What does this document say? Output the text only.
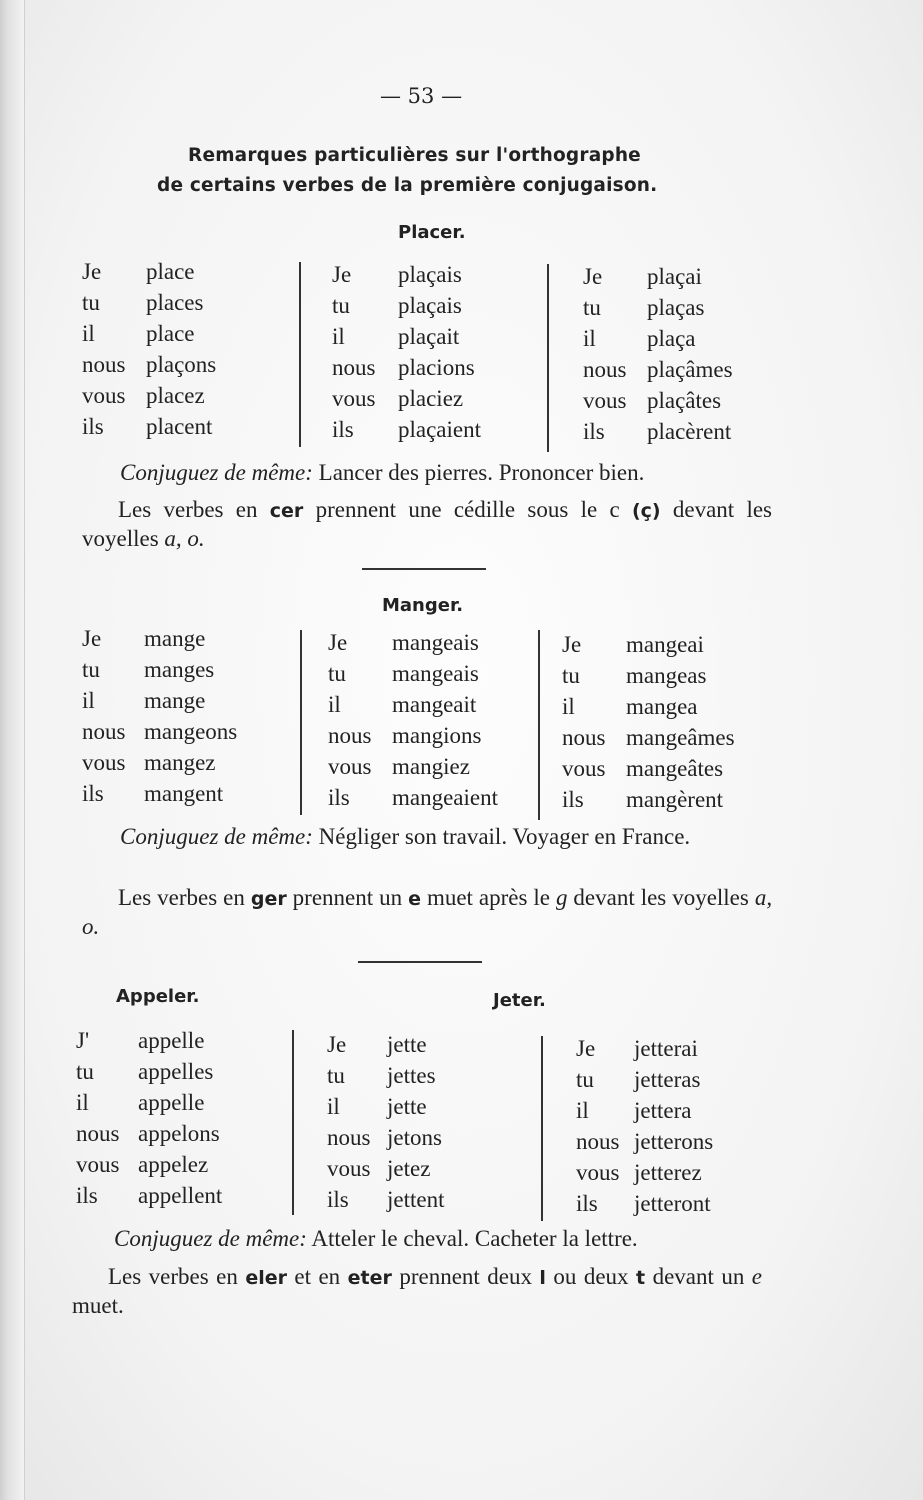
— 53 —
Remarques particulières sur l'orthographe
de certains verbes de la première conjugaison.
Placer.
Je place
tu places
il place
nous plaçons
vous placez
ils placent
Je plaçais
tu plaçais
il plaçait
nous placions
vous placiez
ils plaçaient
Je plaçai
tu plaças
il plaça
nous plaçâmes
vous plaçâtes
ils placèrent
Conjuguez de même: Lancer des pierres. Prononcer bien.
Les verbes en cer prennent une cédille sous le c (ç) devant les voyelles a, o.
Manger.
Je mange
tu manges
il mange
nous mangeons
vous mangez
ils mangent
Je mangeais
tu mangeais
il mangeait
nous mangions
vous mangiez
ils mangeaient
Je mangeai
tu mangeas
il mangea
nous mangeâmes
vous mangeâtes
ils mangèrent
Conjuguez de même: Négliger son travail. Voyager en France.
Les verbes en ger prennent un e muet après le g devant les voyelles a, o.
Appeler.	Jeter.
J' appelle
tu appelles
il appelle
nous appelons
vous appelez
ils appellent
Je jette
tu jettes
il jette
nous jetons
vous jetez
ils jettent
Je jetterai
tu jetteras
il jettera
nous jetterons
vous jetterez
ils jetteront
Conjuguez de même: Atteler le cheval. Cacheter la lettre.
Les verbes en eler et en eter prennent deux l ou deux t devant un e muet.
